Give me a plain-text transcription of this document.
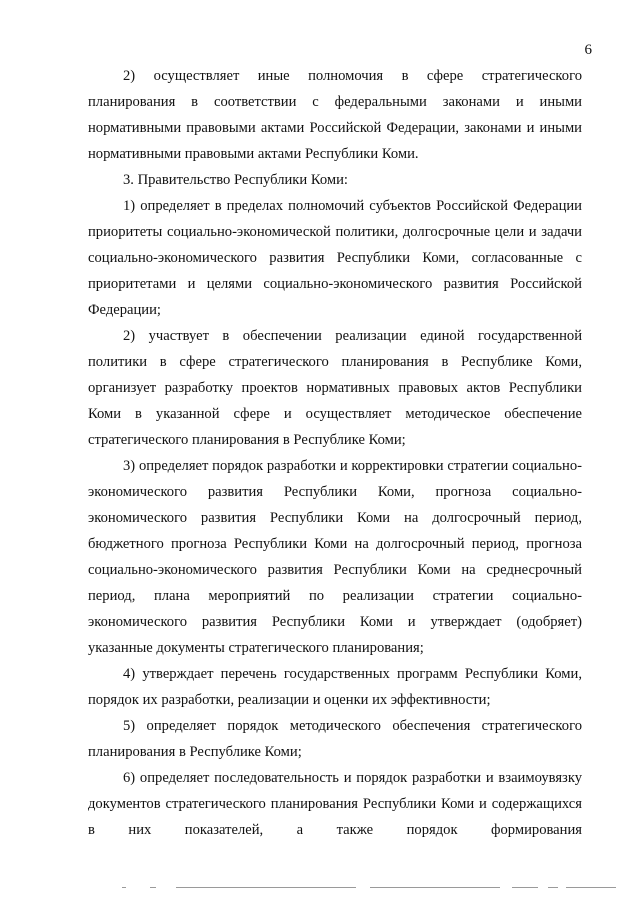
6

2) осуществляет иные полномочия в сфере стратегического планирования в соответствии с федеральными законами и иными нормативными правовыми актами Российской Федерации, законами и иными нормативными правовыми актами Республики Коми.

3. Правительство Республики Коми:

1) определяет в пределах полномочий субъектов Российской Федерации приоритеты социально-экономической политики, долгосрочные цели и задачи социально-экономического развития Республики Коми, согласованные с приоритетами и целями социально-экономического развития Российской Федерации;

2) участвует в обеспечении реализации единой государственной политики в сфере стратегического планирования в Республике Коми, организует разработку проектов нормативных правовых актов Республики Коми в указанной сфере и осуществляет методическое обеспечение стратегического планирования в Республике Коми;

3) определяет порядок разработки и корректировки стратегии социально-экономического развития Республики Коми, прогноза социально-экономического развития Республики Коми на долгосрочный период, бюджетного прогноза Республики Коми на долгосрочный период, прогноза социально-экономического развития Республики Коми на среднесрочный период, плана мероприятий по реализации стратегии социально-экономического развития Республики Коми и утверждает (одобряет) указанные документы стратегического планирования;

4) утверждает перечень государственных программ Республики Коми, порядок их разработки, реализации и оценки их эффективности;

5) определяет порядок методического обеспечения стратегического планирования в Республике Коми;

6) определяет последовательность и порядок разработки и взаимоувязку документов стратегического планирования Республики Коми и содержащихся в них показателей, а также порядок формирования
